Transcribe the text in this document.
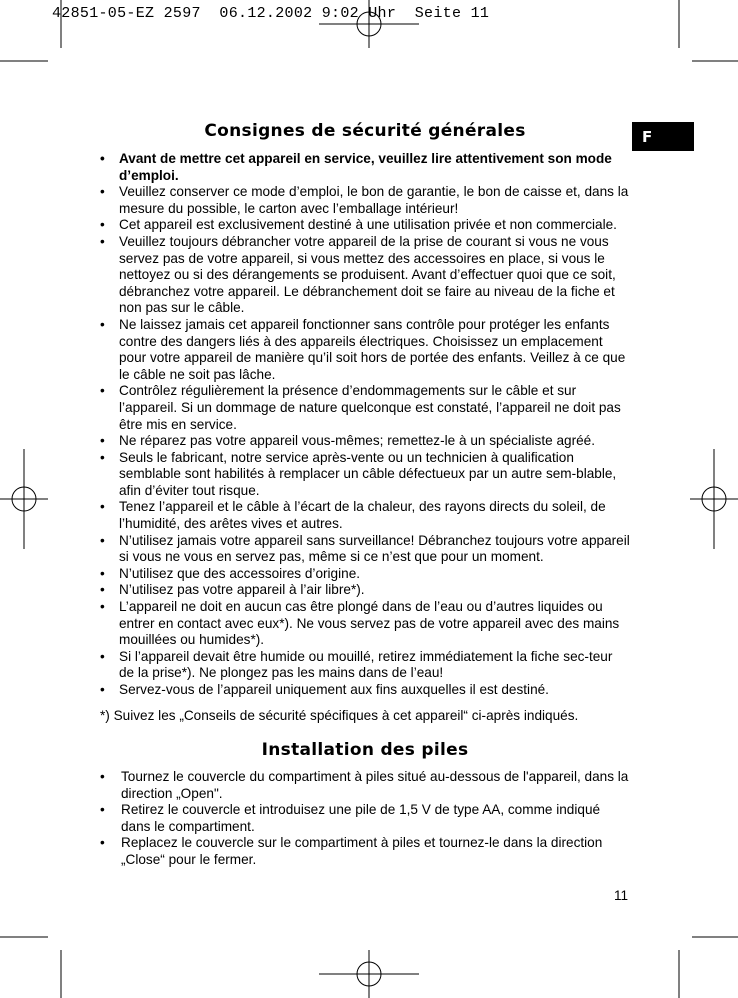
42851-05-EZ 2597  06.12.2002 9:02 Uhr  Seite 11
F
Consignes de sécurité générales
• Avant de mettre cet appareil en service, veuillez lire attentivement son mode d’emploi.
• Veuillez conserver ce mode d’emploi, le bon de garantie, le bon de caisse et, dans la mesure du possible, le carton avec l’emballage intérieur!
• Cet appareil est exclusivement destiné à une utilisation privée et non commerciale.
• Veuillez toujours débrancher votre appareil de la prise de courant si vous ne vous servez pas de votre appareil, si vous mettez des accessoires en place, si vous le nettoyez ou si des dérangements se produisent. Avant d’effectuer quoi que ce soit, débranchez votre appareil. Le débranchement doit se faire au niveau de la fiche et non pas sur le câble.
• Ne laissez jamais cet appareil fonctionner sans contrôle pour protéger les enfants contre des dangers liés à des appareils électriques. Choisissez un emplacement pour votre appareil de manière qu’il soit hors de portée des enfants. Veillez à ce que le câble ne soit pas lâche.
• Contrôlez régulièrement la présence d’endommagements sur le câble et sur l’appareil. Si un dommage de nature quelconque est constaté, l’appareil ne doit pas être mis en service.
• Ne réparez pas votre appareil vous-mêmes; remettez-le à un spécialiste agréé.
• Seuls le fabricant, notre service après-vente ou un technicien à qualification semblable sont habilités à remplacer un câble défectueux par un autre sem-blable, afin d’éviter tout risque.
• Tenez l’appareil et le câble à l’écart de la chaleur, des rayons directs du soleil, de l’humidité, des arêtes vives et autres.
• N’utilisez jamais votre appareil sans surveillance! Débranchez toujours votre appareil si vous ne vous en servez pas, même si ce n’est que pour un moment.
• N’utilisez que des accessoires d’origine.
• N’utilisez pas votre appareil à l’air libre*).
• L’appareil ne doit en aucun cas être plongé dans de l’eau ou d’autres liquides ou entrer en contact avec eux*). Ne vous servez pas de votre appareil avec des mains mouillées ou humides*).
• Si l’appareil devait être humide ou mouillé, retirez immédiatement la fiche sec-teur de la prise*). Ne plongez pas les mains dans de l’eau!
• Servez-vous de l’appareil uniquement aux fins auxquelles il est destiné.
*) Suivez les „Conseils de sécurité spécifiques à cet appareil“ ci-après indiqués.
Installation des piles
• Tournez le couvercle du compartiment à piles situé au-dessous de l'appareil, dans la direction „Open".
• Retirez le couvercle et introduisez une pile de 1,5 V de type AA, comme indiqué dans le compartiment.
• Replacez le couvercle sur le compartiment à piles et tournez-le dans la direction „Close“ pour le fermer.
11
